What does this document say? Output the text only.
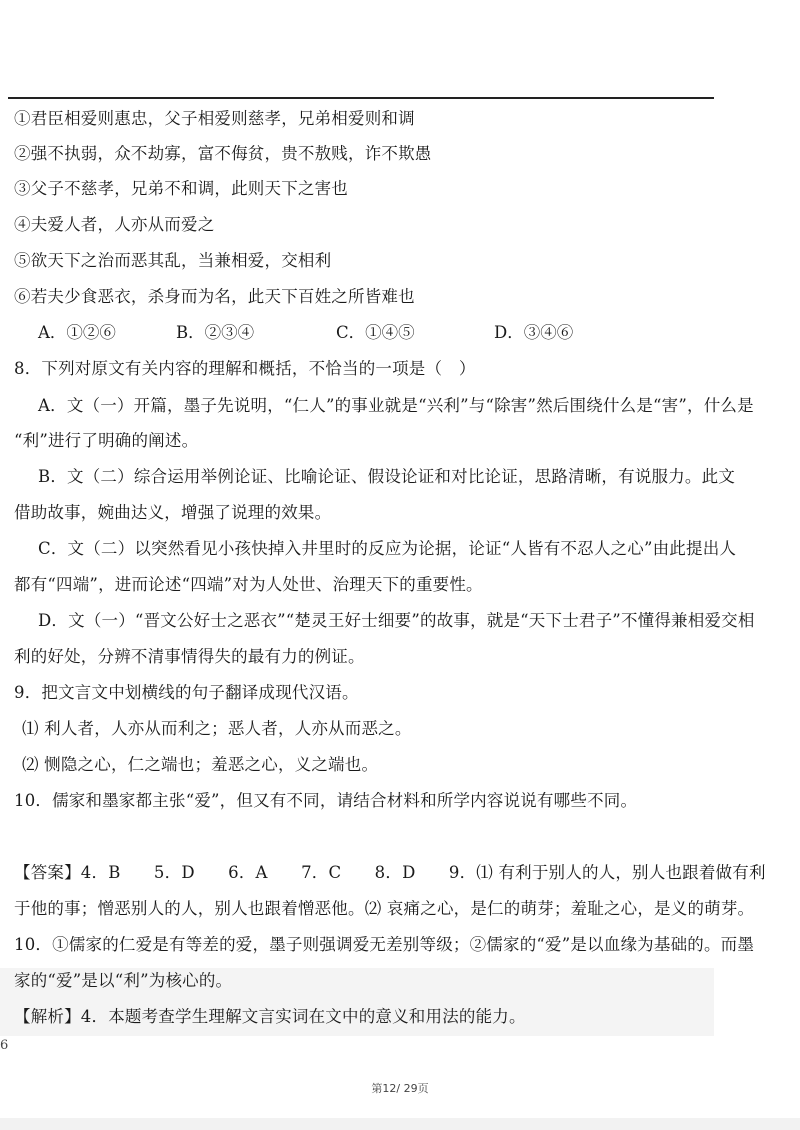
①君臣相爱则惠忠，父子相爱则慈孝，兄弟相爱则和调
②强不执弱，众不劫寡，富不侮贫，贵不敖贱，诈不欺愚
③父子不慈孝，兄弟不和调，此则天下之害也
④夫爱人者，人亦从而爱之
⑤欲天下之治而恶其乱，当兼相爱，交相利
⑥若夫少食恶衣，杀身而为名，此天下百姓之所皆难也
A．①②⑥	B．②③④	C．①④⑤	D．③④⑥
8．下列对原文有关内容的理解和概括，不恰当的一项是（　）
A．文（一）开篇，墨子先说明，“仁人”的事业就是“兴利”与“除害”然后围绕什么是“害”，什么是
“利”进行了明确的阐述。
B．文（二）综合运用举例论证、比喻论证、假设论证和对比论证，思路清晰，有说服力。此文
借助故事，婉曲达义，增强了说理的效果。
C．文（二）以突然看见小孩快掉入井里时的反应为论据，论证“人皆有不忍人之心”由此提出人
都有“四端”，进而论述“四端”对为人处世、治理天下的重要性。
D．文（一）“晋文公好士之恶衣”“楚灵王好士细要”的故事，就是“天下士君子”不懂得兼相爱交相
利的好处，分辨不清事情得失的最有力的例证。
9．把文言文中划横线的句子翻译成现代汉语。
⑴ 利人者，人亦从而利之；恶人者，人亦从而恶之。
⑵ 恻隐之心，仁之端也；羞恶之心，义之端也。
10．儒家和墨家都主张“爱”，但又有不同，请结合材料和所学内容说说有哪些不同。
【答案】4．B　　5．D　　6．A　　7．C　　8．D　　9．⑴ 有利于别人的人，别人也跟着做有利
于他的事；憎恶别人的人，别人也跟着憎恶他。⑵ 哀痛之心，是仁的萌芽；羞耻之心，是义的萌芽。
10．①儒家的仁爱是有等差的爱，墨子则强调爱无差别等级；②儒家的“爱”是以血缘为基础的。而墨
家的“爱”是以“利”为核心的。
【解析】4．本题考查学生理解文言实词在文中的意义和用法的能力。
6
第12/ 29页
